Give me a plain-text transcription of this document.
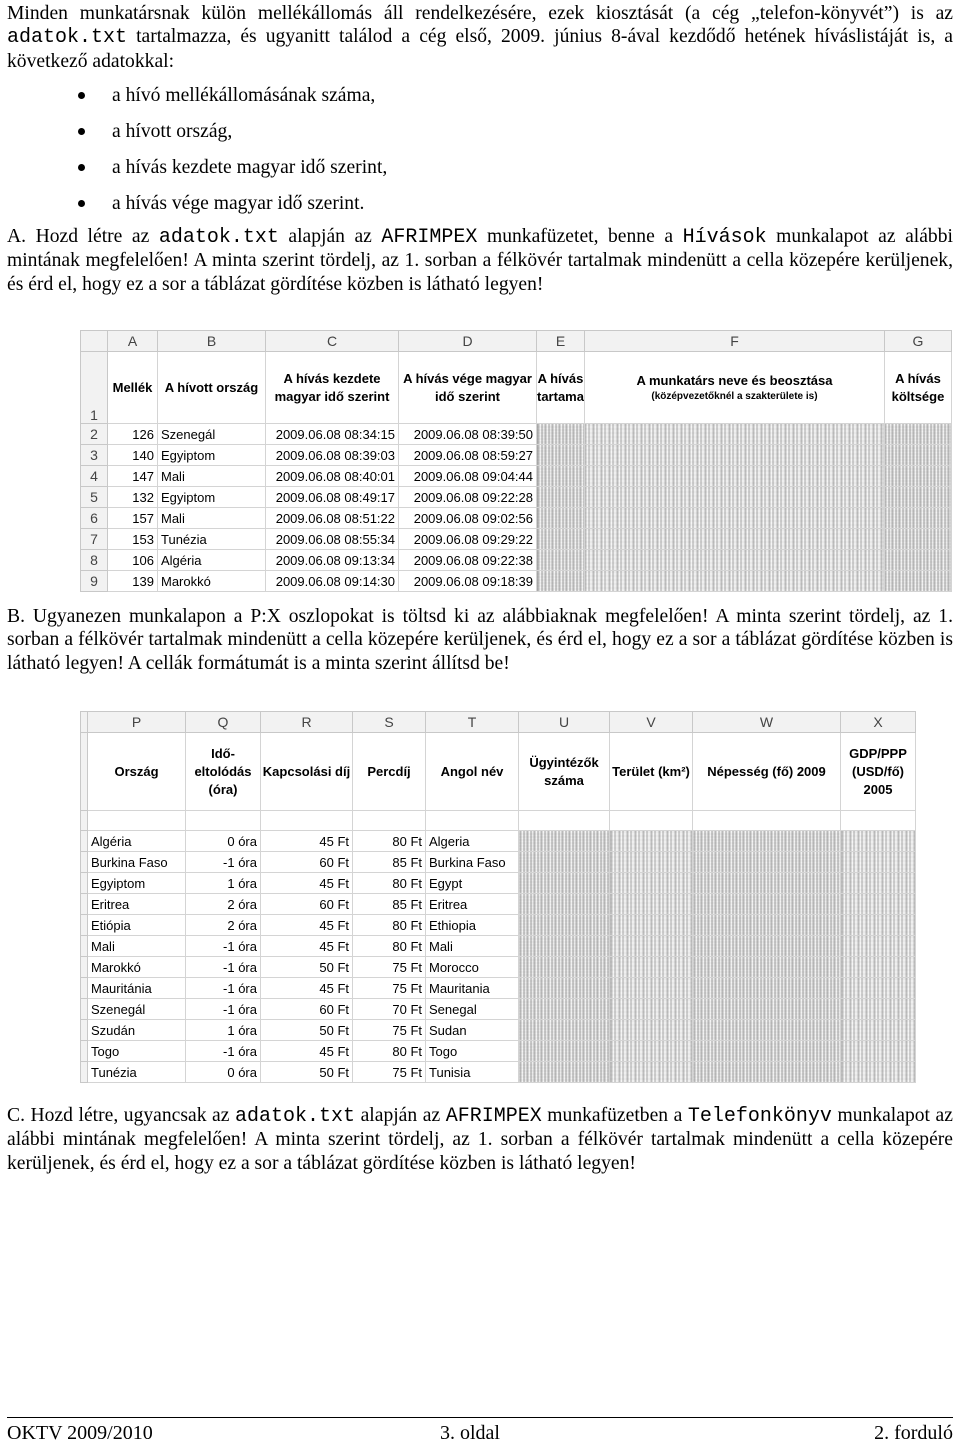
Minden munkatársnak külön mellékállomás áll rendelkezésére, ezek kiosztását (a cég „telefon-könyvét”) is az adatok.txt tartalmazza, és ugyanitt találod a cég első, 2009. június 8-ával kezdődő hetének híváslistáját is, a következő adatokkal:

a hívó mellékállomásának száma,
a hívott ország,
a hívás kezdete magyar idő szerint,
a hívás vége magyar idő szerint.

A. Hozd létre az adatok.txt alapján az AFRIMPEX munkafüzetet, benne a Hívások munkalapot az alábbi mintának megfelelően! A minta szerint tördelj, az 1. sorban a félkövér tartalmak mindenütt a cella közepére kerüljenek, és érd el, hogy ez a sor a táblázat gördítése közben is látható legyen!

	A	B	C	D	E	F	G
1	Mellék	A hívott ország	A hívás kezdete magyar idő szerint	A hívás vége magyar idő szerint	A hívás tartama	A munkatárs neve és beosztása
(középvezetőknél a szakterülete is)	A hívás költsége
2	126	Szenegál	2009.06.08 08:34:15	2009.06.08 08:39:50			
3	140	Egyiptom	2009.06.08 08:39:03	2009.06.08 08:59:27			
4	147	Mali	2009.06.08 08:40:01	2009.06.08 09:04:44			
5	132	Egyiptom	2009.06.08 08:49:17	2009.06.08 09:22:28			
6	157	Mali	2009.06.08 08:51:22	2009.06.08 09:02:56			
7	153	Tunézia	2009.06.08 08:55:34	2009.06.08 09:29:22			
8	106	Algéria	2009.06.08 09:13:34	2009.06.08 09:22:38			
9	139	Marokkó	2009.06.08 09:14:30	2009.06.08 09:18:39			

B. Ugyanezen munkalapon a P:X oszlopokat is töltsd ki az alábbiaknak megfelelően! A minta szerint tördelj, az 1. sorban a félkövér tartalmak mindenütt a cella közepére kerüljenek, és érd el, hogy ez a sor a táblázat gördítése közben is látható legyen! A cellák formátumát is a minta szerint állítsd be!

	P	Q	R	S	T	U	V	W	X
	Ország	Idő-eltolódás (óra)	Kapcsolási díj	Percdíj	Angol név	Ügyintézők száma	Terület (km²)	Népesség (fő) 2009	GDP/PPP (USD/fő) 2005

	Algéria	0 óra	45 Ft	80 Ft	Algeria				
	Burkina Faso	-1 óra	60 Ft	85 Ft	Burkina Faso				
	Egyiptom	1 óra	45 Ft	80 Ft	Egypt				
	Eritrea	2 óra	60 Ft	85 Ft	Eritrea				
	Etiópia	2 óra	45 Ft	80 Ft	Ethiopia				
	Mali	-1 óra	45 Ft	80 Ft	Mali				
	Marokkó	-1 óra	50 Ft	75 Ft	Morocco				
	Mauritánia	-1 óra	45 Ft	75 Ft	Mauritania				
	Szenegál	-1 óra	60 Ft	70 Ft	Senegal				
	Szudán	1 óra	50 Ft	75 Ft	Sudan				
	Togo	-1 óra	45 Ft	80 Ft	Togo				
	Tunézia	0 óra	50 Ft	75 Ft	Tunisia				

C. Hozd létre, ugyancsak az adatok.txt alapján az AFRIMPEX munkafüzetben a Telefonkönyv munkalapot az alábbi mintának megfelelően! A minta szerint tördelj, az 1. sorban a félkövér tartalmak mindenütt a cella közepére kerüljenek, és érd el, hogy ez a sor a táblázat gördítése közben is látható legyen!

OKTV 2009/2010	3. oldal	2. forduló
